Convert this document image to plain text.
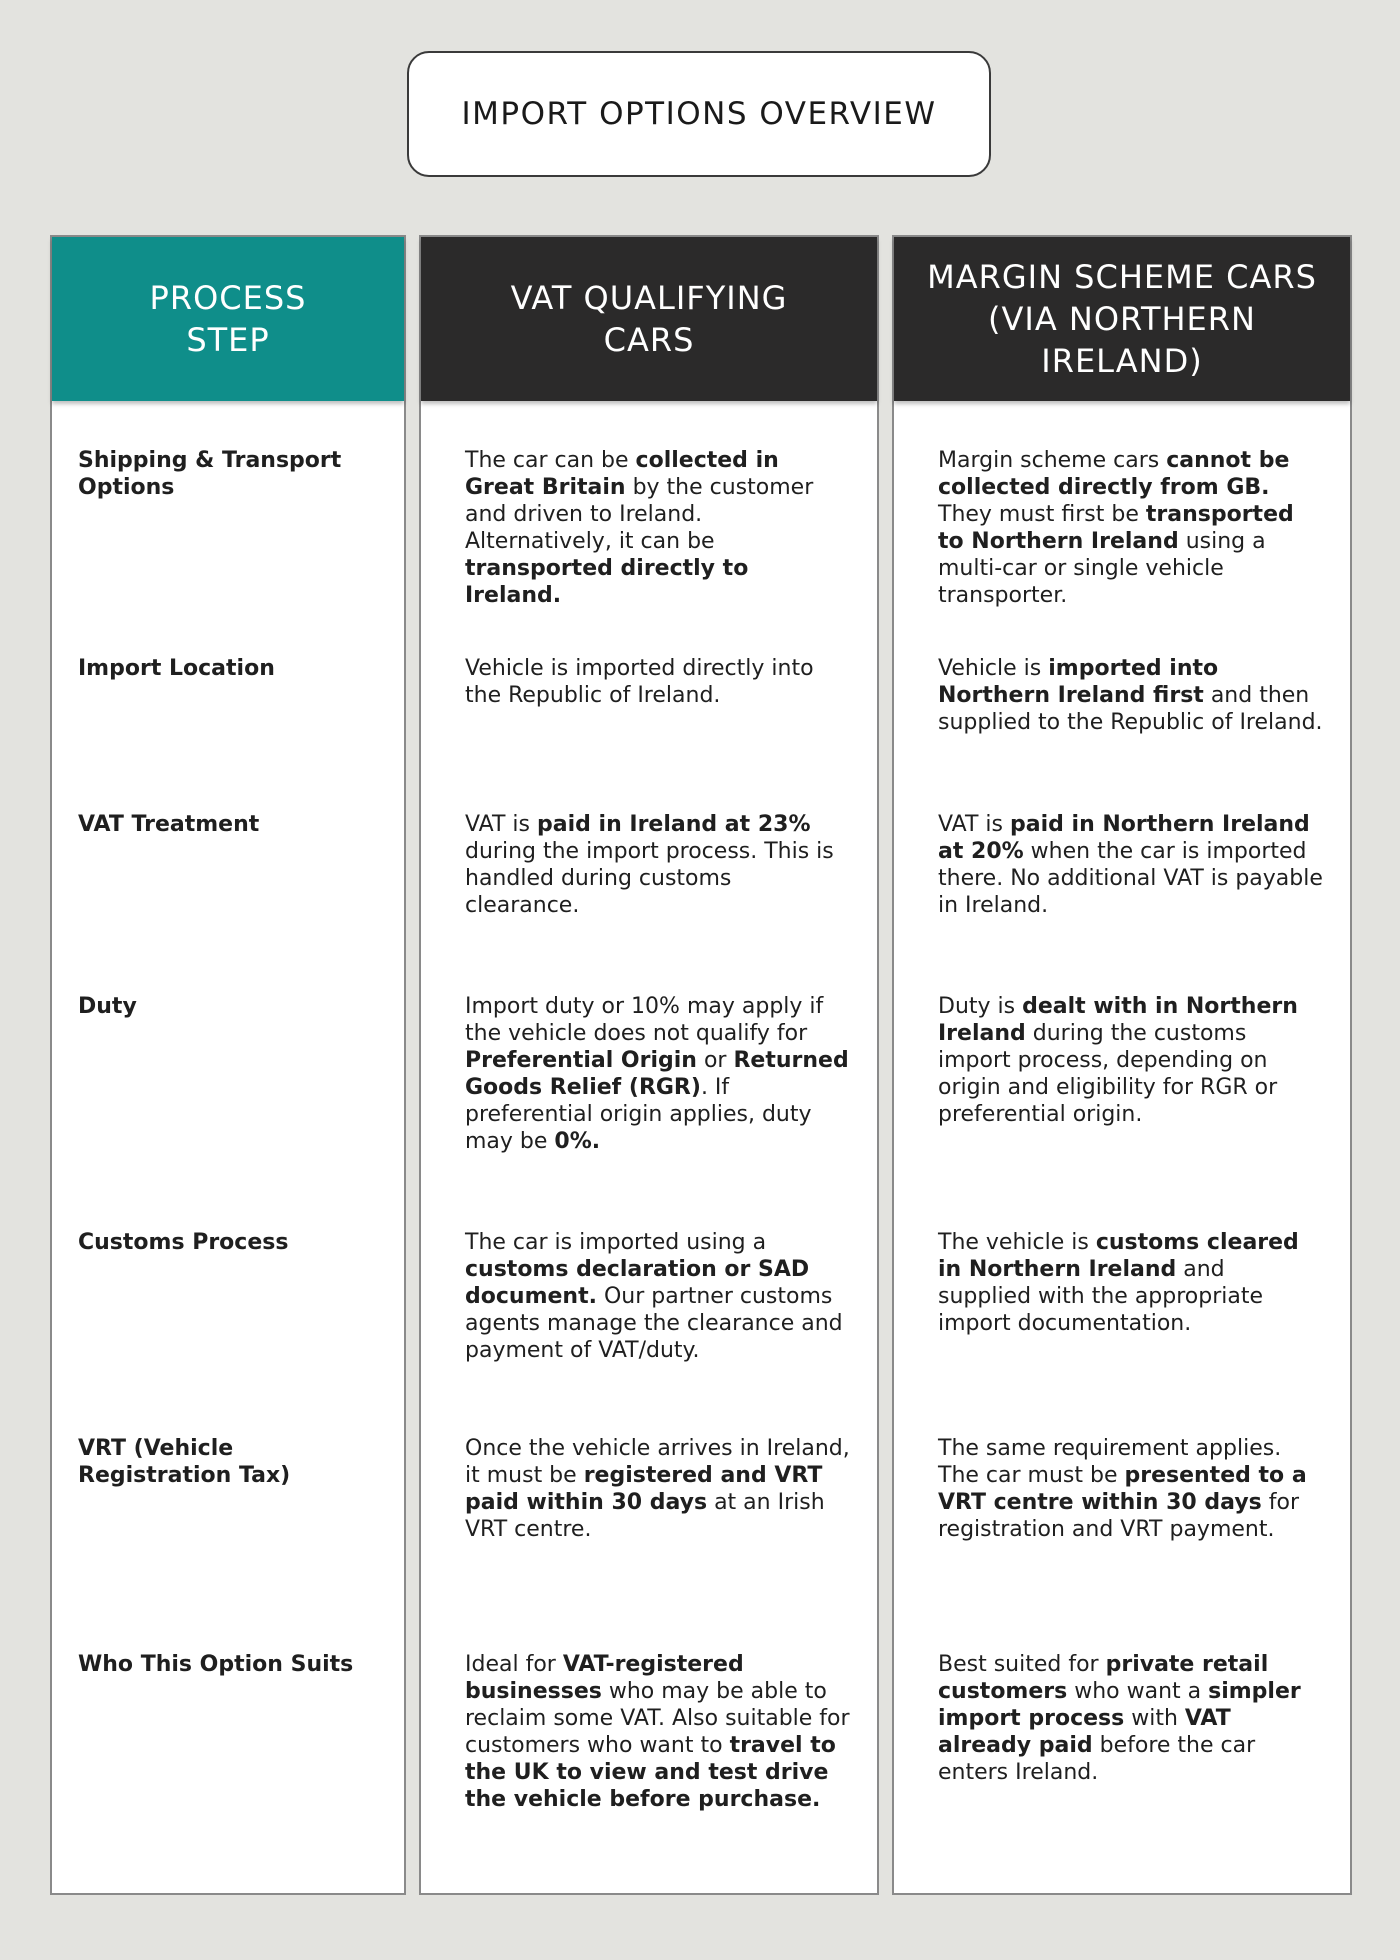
IMPORT OPTIONS OVERVIEW
PROCESS
STEP
Shipping & Transport Options
Import Location
VAT Treatment
Duty
Customs Process
VRT (Vehicle Registration Tax)
Who This Option Suits
VAT QUALIFYING
CARS
The car can be collected in Great Britain by the customer and driven to Ireland. Alternatively, it can be transported directly to Ireland.
Vehicle is imported directly into the Republic of Ireland.
VAT is paid in Ireland at 23% during the import process. This is handled during customs clearance.
Import duty or 10% may apply if the vehicle does not qualify for Preferential Origin or Returned Goods Relief (RGR). If preferential origin applies, duty may be 0%.
The car is imported using a customs declaration or SAD document. Our partner customs agents manage the clearance and payment of VAT/duty.
Once the vehicle arrives in Ireland, it must be registered and VRT paid within 30 days at an Irish VRT centre.
Ideal for VAT-registered businesses who may be able to reclaim some VAT. Also suitable for customers who want to travel to the UK to view and test drive the vehicle before purchase.
MARGIN SCHEME CARS
(VIA NORTHERN
IRELAND)
Margin scheme cars cannot be collected directly from GB. They must first be transported to Northern Ireland using a multi-car or single vehicle transporter.
Vehicle is imported into Northern Ireland first and then supplied to the Republic of Ireland.
VAT is paid in Northern Ireland at 20% when the car is imported there. No additional VAT is payable in Ireland.
Duty is dealt with in Northern Ireland during the customs import process, depending on origin and eligibility for RGR or preferential origin.
The vehicle is customs cleared in Northern Ireland and supplied with the appropriate import documentation.
The same requirement applies. The car must be presented to a VRT centre within 30 days for registration and VRT payment.
Best suited for private retail customers who want a simpler import process with VAT already paid before the car enters Ireland.
